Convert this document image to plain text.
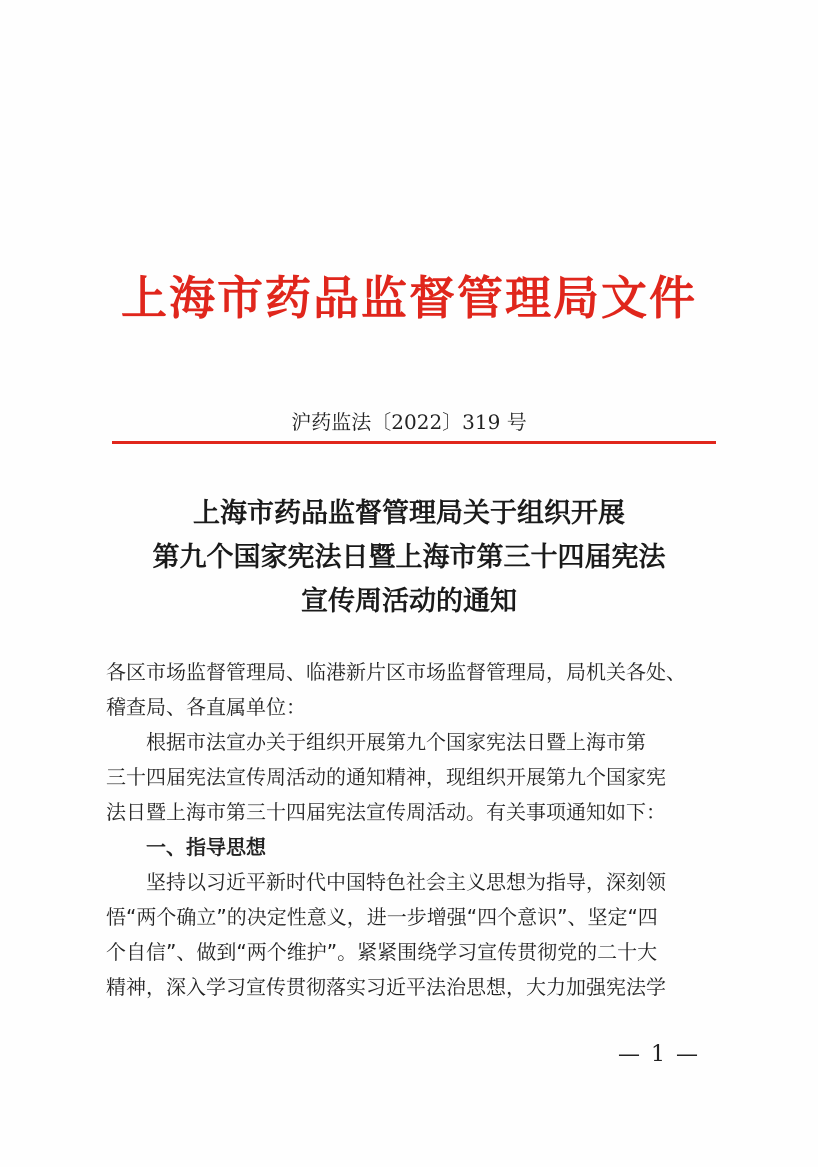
上海市药品监督管理局文件
沪药监法〔2022〕319 号
上海市药品监督管理局关于组织开展
第九个国家宪法日暨上海市第三十四届宪法
宣传周活动的通知

各区市场监督管理局、临港新片区市场监督管理局，局机关各处、

稽查局、各直属单位：

根据市法宣办关于组织开展第九个国家宪法日暨上海市第

三十四届宪法宣传周活动的通知精神，现组织开展第九个国家宪

法日暨上海市第三十四届宪法宣传周活动。有关事项通知如下：

一、指导思想

坚持以习近平新时代中国特色社会主义思想为指导，深刻领

悟“两个确立”的决定性意义，进一步增强“四个意识”、坚定“四

个自信”、做到“两个维护”。紧紧围绕学习宣传贯彻党的二十大

精神，深入学习宣传贯彻落实习近平法治思想，大力加强宪法学

— 1 —
